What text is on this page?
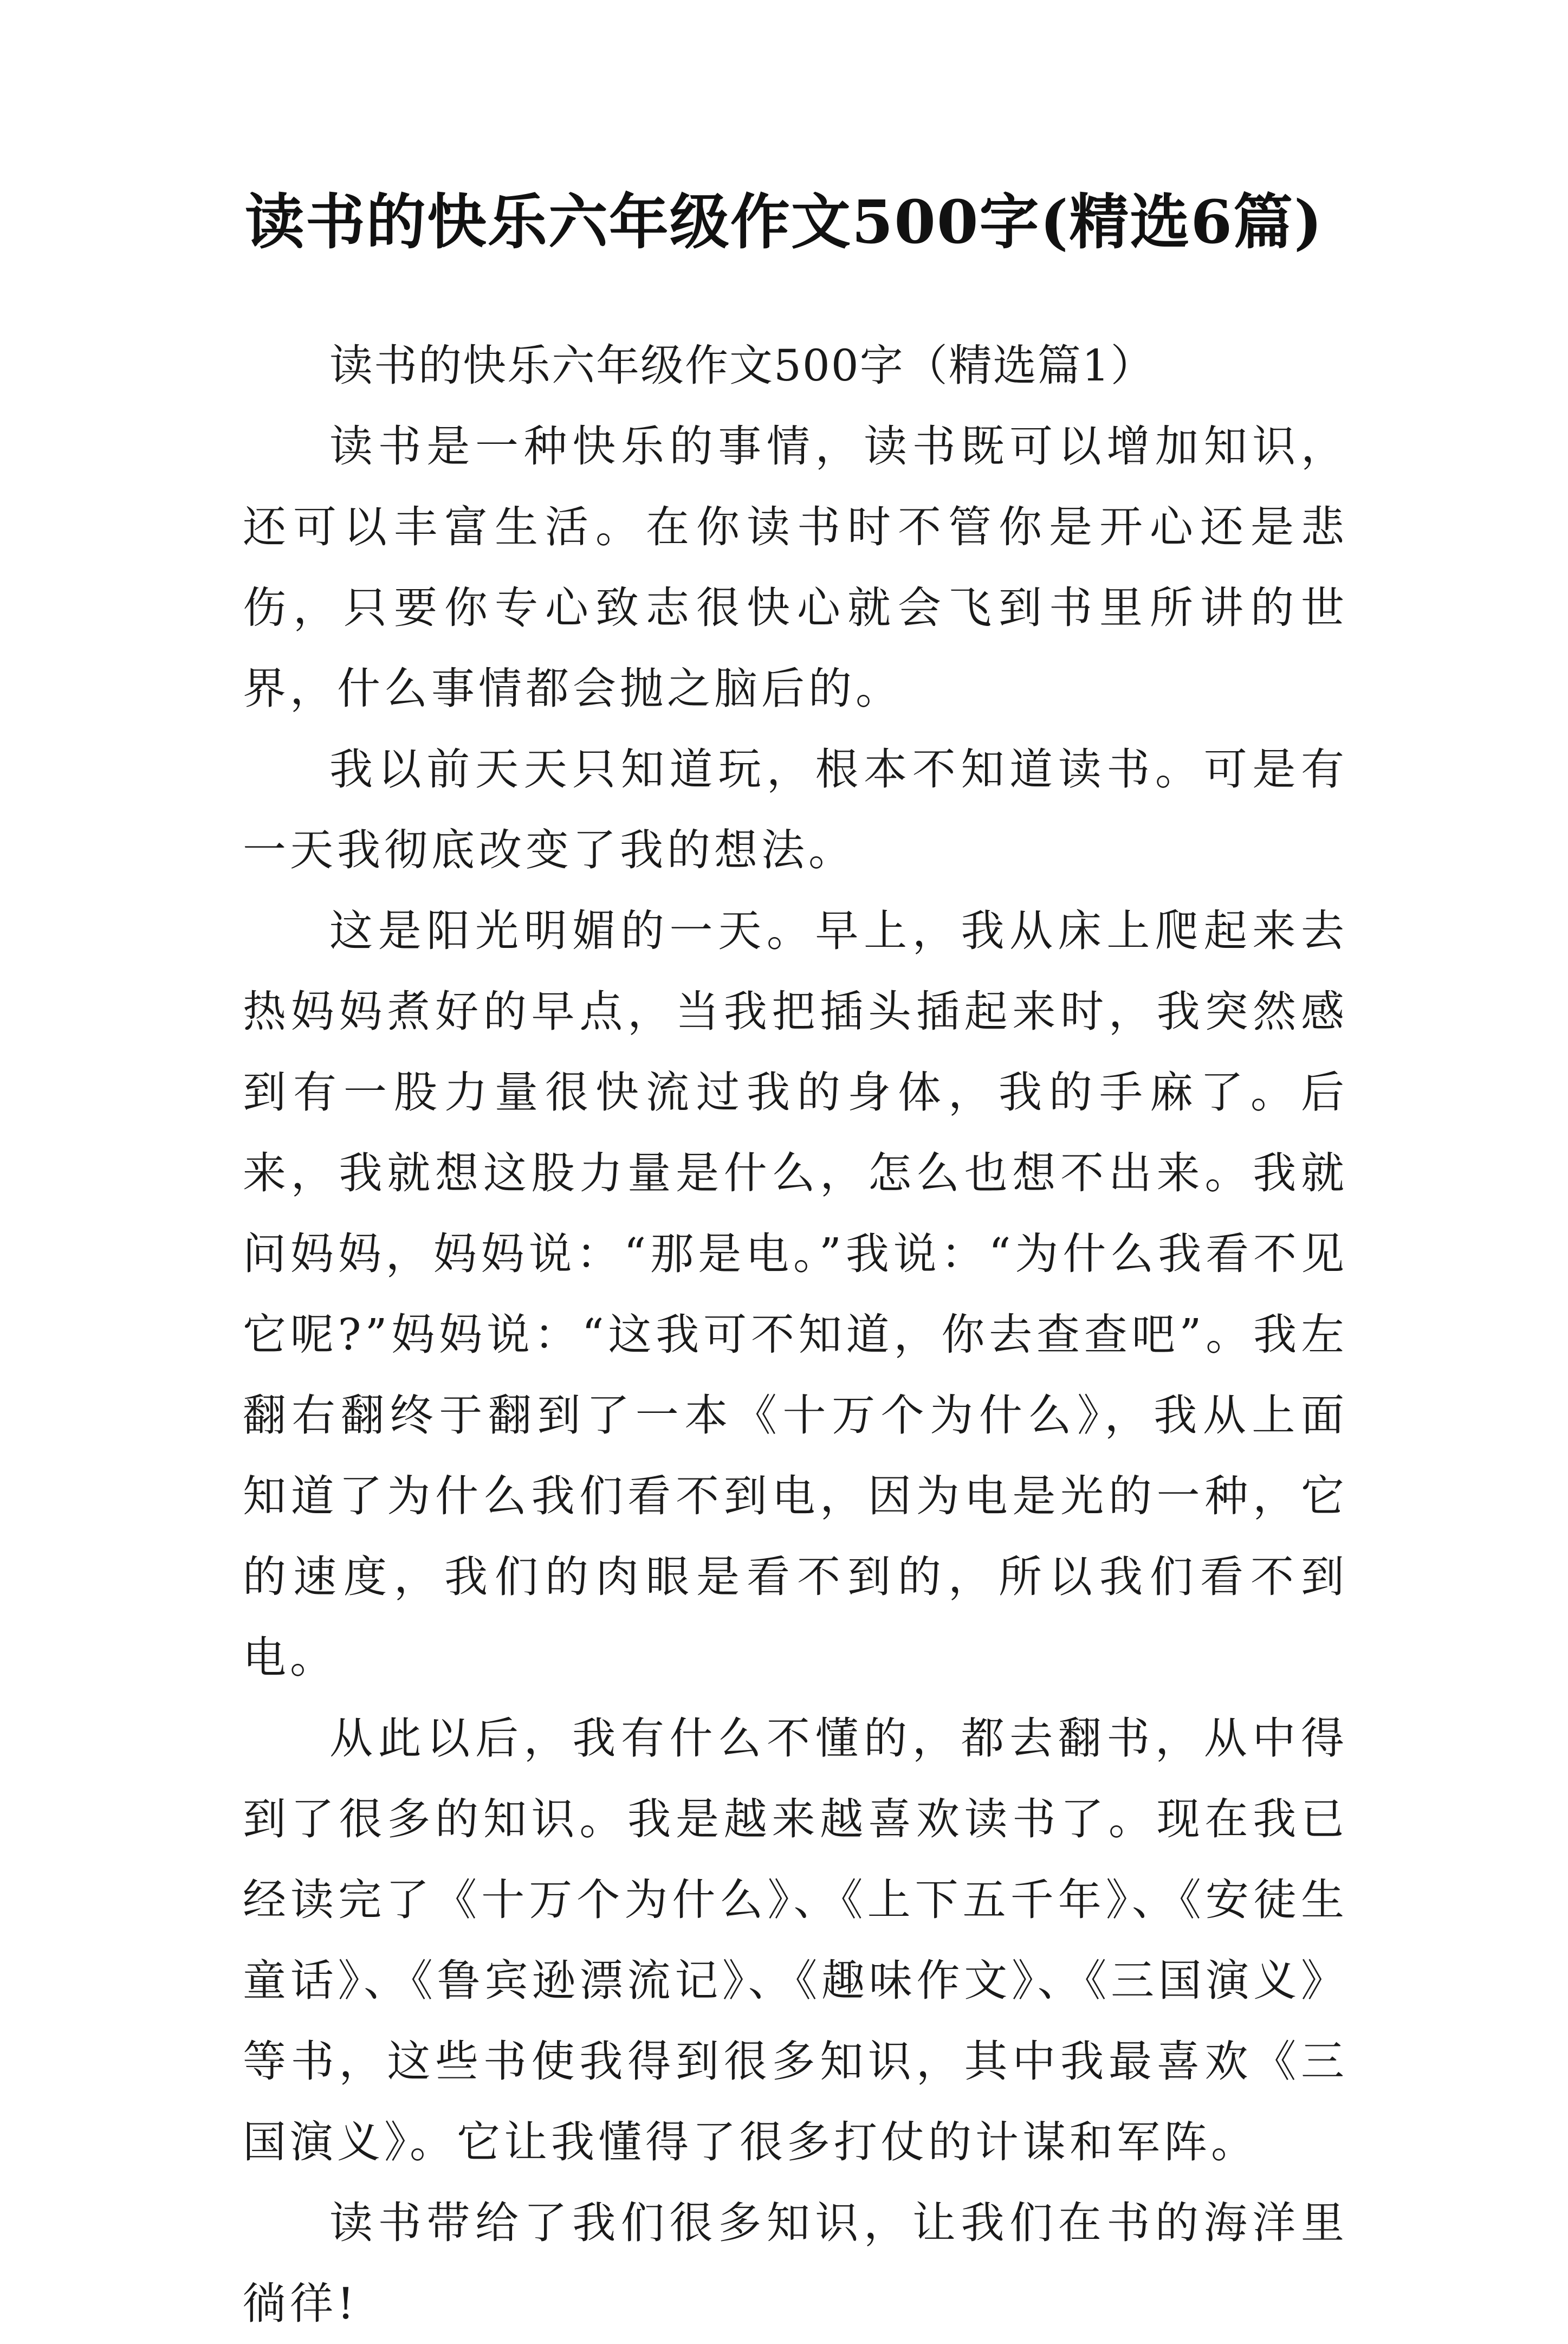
读书的快乐六年级作文500字(精选6篇)

读书的快乐六年级作文500字（精选篇1）

读书是一种快乐的事情，读书既可以增加知识，还可以丰富生活。在你读书时不管你是开心还是悲伤，只要你专心致志很快心就会飞到书里所讲的世界，什么事情都会抛之脑后的。

我以前天天只知道玩，根本不知道读书。可是有一天我彻底改变了我的想法。

这是阳光明媚的一天。早上，我从床上爬起来去热妈妈煮好的早点，当我把插头插起来时，我突然感到有一股力量很快流过我的身体，我的手麻了。后来，我就想这股力量是什么，怎么也想不出来。我就问妈妈，妈妈说：“那是电。”我说：“为什么我看不见它呢?”妈妈说：“这我可不知道，你去查查吧”。我左翻右翻终于翻到了一本《十万个为什么》，我从上面知道了为什么我们看不到电，因为电是光的一种，它的速度，我们的肉眼是看不到的，所以我们看不到电。

从此以后，我有什么不懂的，都去翻书，从中得到了很多的知识。我是越来越喜欢读书了。现在我已经读完了《十万个为什么》、《上下五千年》、《安徒生童话》、《鲁宾逊漂流记》、《趣味作文》、《三国演义》等书，这些书使我得到很多知识，其中我最喜欢《三国演义》。它让我懂得了很多打仗的计谋和军阵。

读书带给了我们很多知识，让我们在书的海洋里徜徉!
